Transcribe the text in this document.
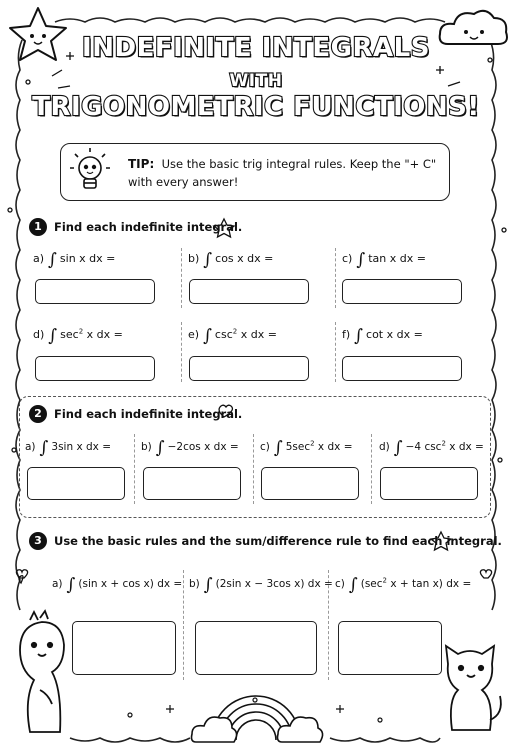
INDEFINITE INTEGRALS
WITH
TRIGONOMETRIC FUNCTIONS!
TIP: Use the basic trig integral rules. Keep the "+ C"
with every answer!
1	Find each indefinite integral.
a) ∫ sin x dx =	b) ∫ cos x dx =	c) ∫ tan x dx =
d) ∫ $\sec^2 x$ dx =	e) ∫ $\csc^2 x$ dx =	f) ∫ cot x dx =
2	Find each indefinite integral.
a) ∫ 3sin x dx =	b) ∫ −2cos x dx = c) ∫ $5\sec^2$ x dx =	d) ∫ −4 $\csc^2 x$ dx =
3	Use the basic rules and the sum/difference rule to find each integral.
a) ∫ (sin x + cos x) dx = b) ∫ (2sin x − 3cos x) dx = c) ∫ ($\sec^2$ x + tan x) dx =
